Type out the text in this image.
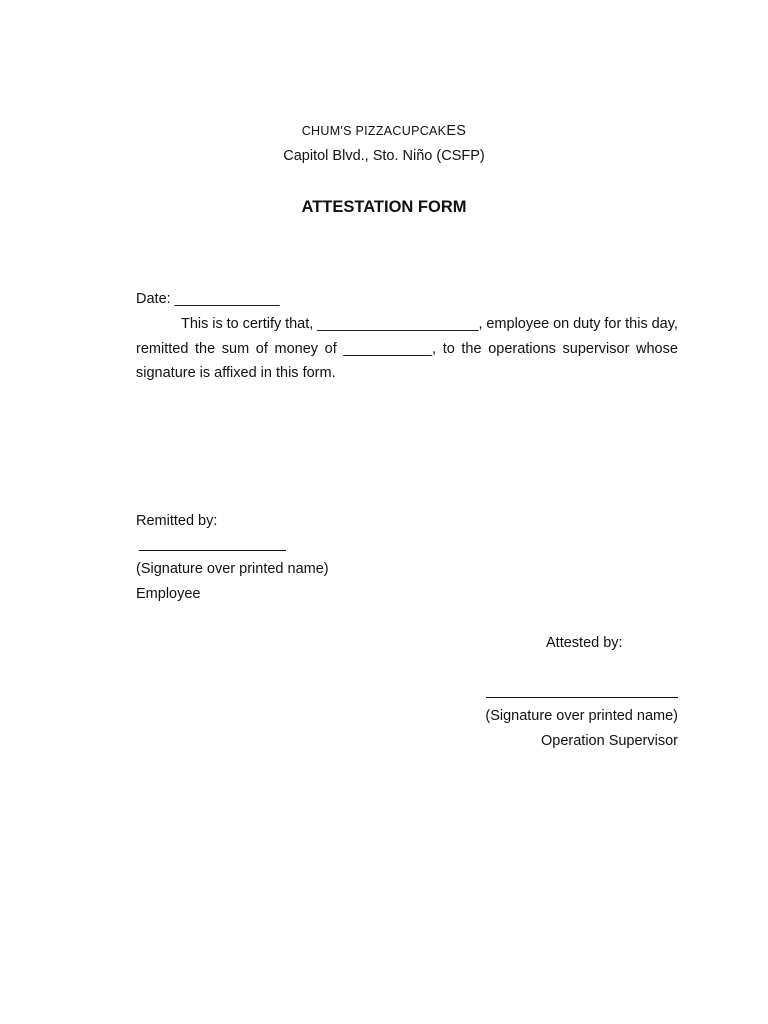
CHUM'S PIZZACUPCAKES
Capitol Blvd., Sto. Niño (CSFP)
ATTESTATION FORM
Date: _____________
This is to certify that, ____________________, employee on duty for this day,
remitted the sum of money of ___________, to the operations supervisor whose
signature is affixed in this form.
Remitted by:
(Signature over printed name)
Employee
Attested by:
(Signature over printed name)
Operation Supervisor
